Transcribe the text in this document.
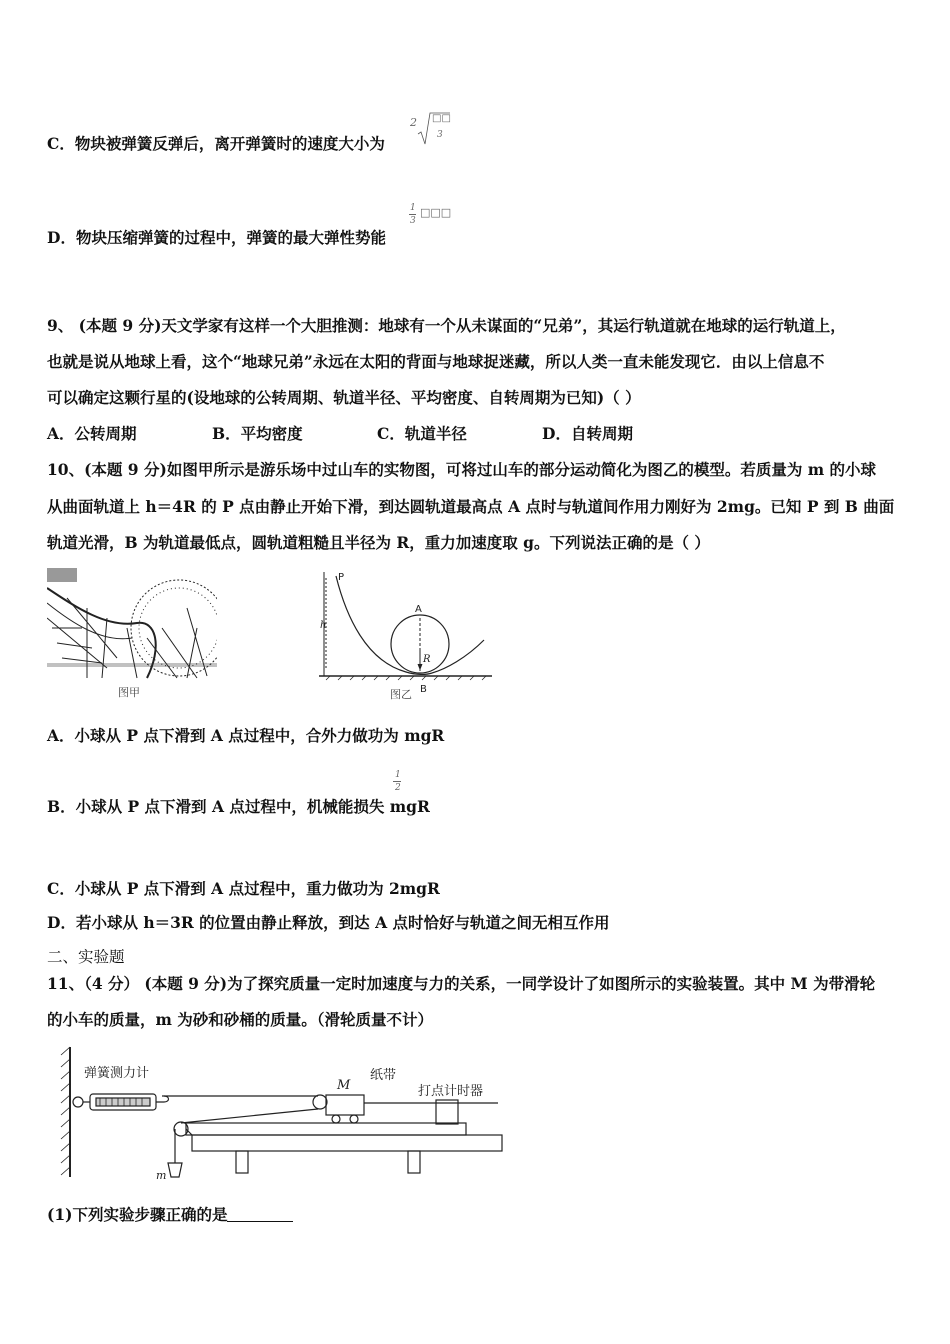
C．物块被弹簧反弹后，离开弹簧时的速度大小为
2 □□
3
D．物块压缩弹簧的过程中，弹簧的最大弹性势能
1
3
□□□
9、 (本题 9 分)天文学家有这样一个大胆推测：地球有一个从未谋面的“兄弟”，其运行轨道就在地球的运行轨道上，
也就是说从地球上看，这个“地球兄弟”永远在太阳的背面与地球捉迷藏，所以人类一直未能发现它．由以上信息不
可以确定这颗行星的(设地球的公转周期、轨道半径、平均密度、自转周期为已知)（ ）
A．公转周期	B．平均密度	C．轨道半径	D．自转周期
10、(本题 9 分)如图甲所示是游乐场中过山车的实物图，可将过山车的部分运动简化为图乙的模型。若质量为 m 的小球
从曲面轨道上 h＝4R 的 P 点由静止开始下滑，到达圆轨道最高点 A 点时与轨道间作用力刚好为 2mg。已知 P 到 B 曲面
轨道光滑，B 为轨道最低点，圆轨道粗糙且半径为 R，重力加速度取 g。下列说法正确的是（ ）
图甲
P
h
A
R
B
图乙
A．小球从 P 点下滑到 A 点过程中，合外力做功为 mgR
B．小球从 P 点下滑到 A 点过程中，机械能损失 mgR
1
2
C．小球从 P 点下滑到 A 点过程中，重力做功为 2mgR
D．若小球从 h＝3R 的位置由静止释放，到达 A 点时恰好与轨道之间无相互作用
二、实验题
11、（4 分） (本题 9 分)为了探究质量一定时加速度与力的关系，一同学设计了如图所示的实验装置。其中 M 为带滑轮
的小车的质量，m 为砂和砂桶的质量。（滑轮质量不计）
弹簧测力计
M
纸带
打点计时器
m
(1)下列实验步骤正确的是
